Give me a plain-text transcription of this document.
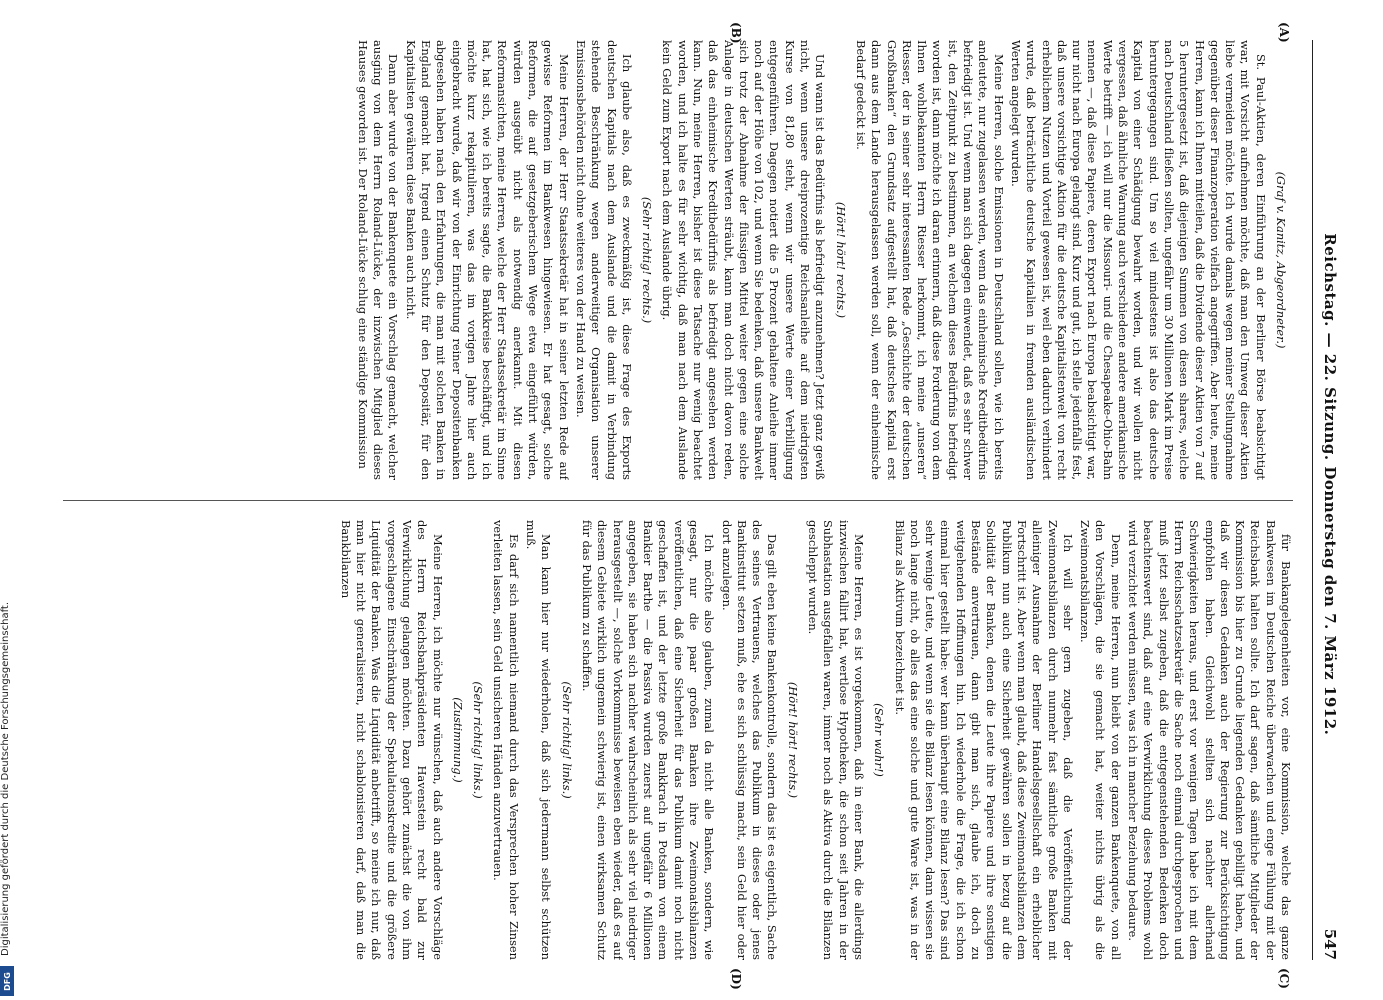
Reichstag. — 22. Sitzung. Donnerstag den 7. März 1912.
547
(A)
(B)
(C)
(D)

(Graf v. Kanitz, Abgeordneter.)

St. Paul-Aktien, deren Einführung an der Berliner Börse beabsichtigt war, mit Vorsicht aufnehmen möchte, daß man den Umweg dieser Aktien liebe vermeiden möchte. Ich wurde damals wegen meiner Stellungnahme gegenüber dieser Finanzoperation vielfach angegriffen. Aber heute, meine Herren, kann ich Ihnen mitteilen, daß die Dividende dieser Aktien von 7 auf 5 heruntergesetzt ist, daß diejenigen Summen von diesen shares, welche nach Deutschland fließen sollten, ungefähr um 30 Millionen Mark im Preise heruntergegangen sind. Um so viel mindestens ist also das deutsche Kapital von einer Schädigung bewahrt worden, und wir wollen nicht vergessen, daß ähnliche Warnung auch verschiedene andere amerikanische Werte betrifft — ich will nur die Missouri- und die Chesapeake-Ohio-Bahn nennen —, daß diese Papiere, deren Export nach Europa beabsichtigt war, nur nicht nach Europa gelangt sind. Kurz und gut, ich stelle jedenfalls fest, daß unsere vorsichtige Aktion für die deutsche Kapitalistenwelt von recht erheblichem Nutzen und Vorteil gewesen ist, weil eben dadurch verhindert wurde, daß beträchtliche deutsche Kapitalien in fremden ausländischen Werten angelegt wurden.

Meine Herren, solche Emissionen in Deutschland sollen, wie ich bereits andeutete, nur zugelassen werden, wenn das einheimische Kreditbedürfnis befriedigt ist. Und wenn man sich dagegen einwendet, daß es sehr schwer ist, den Zeitpunkt zu bestimmen, an welchem dieses Bedürfnis befriedigt worden ist, dann möchte ich daran erinnern, daß diese Forderung von dem Ihnen wohlbekannten Herrn Riesser herkommt, ich meine „unseren“ Riesser, der in seiner sehr interessanten Rede „Geschichte der deutschen Großbanken“ den Grundsatz aufgestellt hat, daß deutsches Kapital erst dann aus dem Lande herausgelassen werden soll, wenn der einheimische Bedarf gedeckt ist.

(Hört! hört! rechts.)

Und wann ist das Bedürfnis als befriedigt anzunehmen? Jetzt ganz gewiß nicht, wenn unsere dreiprozentige Reichsanleihe auf dem niedrigsten Kurse von 81,80 steht, wenn wir unsere Werte einer Verbilligung entgegenführen. Dagegen notiert die 5 Prozent gehaltene Anleihe immer noch auf der Höhe von 102, und wenn Sie bedenken, daß unsere Bankwelt sich trotz der Abnahme der flüssigen Mittel weiter gegen eine solche Anlage in deutschen Werten sträubt, kann man doch nicht davon reden, daß das einheimische Kreditbedürfnis als befriedigt angesehen werden kann. Nun, meine Herren, bisher ist diese Tatsache nur wenig beachtet worden, und ich halte es für sehr wichtig, daß man nach dem Auslande kein Geld zum Export nach dem Auslande übrig.

(Sehr richtig! rechts.)

Ich glaube also, daß es zweckmäßig ist, diese Frage des Exports deutschen Kapitals nach dem Auslande und die damit in Verbindung stehende Beschränkung wegen anderweitiger Organisation unserer Emissionsbehörden nicht ohne weiteres von der Hand zu weisen.

Meine Herren, der Herr Staatssekretär hat in seiner letzten Rede auf gewisse Reformen im Bankwesen hingewiesen. Er hat gesagt, solche Reformen, die auf gesetzgeberischem Wege etwa eingeführt würden, würden ausgeübt nicht als notwendig anerkannt. Mit diesen Reformansichten, meine Herren, welche der Herr Staatssekretär im Sinne hat, hat sich, wie ich bereits sagte, die Bankkreise beschäftigt, und ich möchte kurz rekapitulieren, was das im vorigen Jahre hier auch eingebracht wurde, daß wir von der Einrichtung reiner Depositenbanken abgesehen haben nach den Erfahrungen, die man mit solchen Banken in England gemacht hat. Irgend einen Schutz für den Depositär, für den Kapitalisten gewähren diese Banken auch nicht.

Dann aber wurde von der Bankenquete ein Vorschlag gemacht, welcher ausging von dem Herrn Roland-Lücke, der inzwischen Mitglied dieses Hauses geworden ist. Der Roland-Lücke schlug eine ständige Kommission

für Bankangelegenheiten vor, eine Kommission, welche das ganze Bankwesen im Deutschen Reiche überwachen und enge Fühlung mit der Reichsbank halten sollte. Ich darf sagen, daß sämtliche Mitglieder der Kommission bis hier zu Grunde liegenden Gedanken gebilligt haben, und daß wir diesen Gedanken auch der Regierung zur Berücksichtigung empfohlen haben. Gleichwohl stellten sich nachher allerhand Schwierigkeiten heraus, und erst vor wenigen Tagen habe ich mit dem Herrn Reichsschatzsekretär die Sache noch einmal durchgesprochen und muß jetzt selbst zugeben, daß die entgegenstehenden Bedenken doch beachtenswert sind, daß auf eine Verwirklichung dieses Problems wohl wird verzichtet werden müssen, was ich in mancher Beziehung bedaure.

Denn, meine Herren, nun bleibt von der ganzen Bankenquete, von all den Vorschlägen, die sie gemacht hat, weiter nichts übrig als die Zweimonatsbilanzen.

Ich will sehr gern zugeben, daß die Veröffentlichung der Zweimonatsbilanzen durch nunmehr fast sämtliche große Banken mit alleiniger Ausnahme der Berliner Handelsgesellschaft ein erheblicher Fortschritt ist. Aber wenn man glaubt, daß diese Zweimonatsbilanzen dem Publikum nun auch eine Sicherheit gewähren sollen in bezug auf die Solidität der Banken, denen die Leute ihre Papiere und ihre sonstigen Bestände anvertrauen, dann gibt man sich, glaube ich, doch zu weitgehenden Hoffnungen hin. Ich wiederhole die Frage, die ich schon einmal hier gestellt habe: wer kann überhaupt eine Bilanz lesen? Das sind sehr wenige Leute, und wenn sie die Bilanz lesen können, dann wissen sie noch lange nicht, ob alles das eine solche und gute Ware ist, was in der Bilanz als Aktivum bezeichnet ist.

(Sehr wahr!)

Meine Herren, es ist vorgekommen, daß in einer Bank, die allerdings inzwischen fallirt hat, wertlose Hypotheken, die schon seit Jahren in der Subhastation ausgefallen waren, immer noch als Aktiva durch die Bilanzen geschleppt wurden.

(Hört! hört! rechts.)

Das gilt eben keine Bankenkontrolle, sondern das ist es eigentlich, Sache des seines Vertrauens, welches das Publikum in dieses oder jenes Bankinstitut setzen muß, ehe es sich schlüssig macht, sein Geld hier oder dort anzulegen.

Ich möchte also glauben, zumal da nicht alle Banken, sondern, wie gesagt, nur die paar großen Banken ihre Zweimonatsbilanzen veröffentlichen, daß eine Sicherheit für das Publikum damit noch nicht geschaffen ist, und der letzte große Bankkrach in Potsdam von einem Bankier Barthe — die Passiva wurden zuerst auf ungefähr 6 Millionen angegeben, sie haben sich nachher wahrscheinlich als sehr viel niedriger herausgestellt —, solche Vorkommnisse beweisen eben wieder, daß es auf diesem Gebiete wirklich ungemein schwierig ist, einen wirksamen Schutz für das Publikum zu schaffen.

(Sehr richtig! links.)

Man kann hier nur wiederholen, daß sich jedermann selbst schützen muß.

Es darf sich namentlich niemand durch das Versprechen hoher Zinsen verleiten lassen, sein Geld unsicheren Händen anzuvertrauen.

(Sehr richtig! links.)

(Zustimmung.)

Meine Herren, ich möchte nur wünschen, daß auch andere Vorschläge des Herrn Reichsbankpräsidenten Havenstein recht bald zur Verwirklichung gelangen möchten. Dazu gehört zunächst die von ihm vorgeschlagene Einschränkung der Spekulationskredite und die größere Liquidität der Banken. Was die Liquidität anbetrifft, so meine ich nur, daß man hier nicht generalisieren, nicht schablonisieren darf, daß man die Bankbilanzen

Digitalisierung gefördert durch die Deutsche Forschungsgemeinschaft.
DFG
